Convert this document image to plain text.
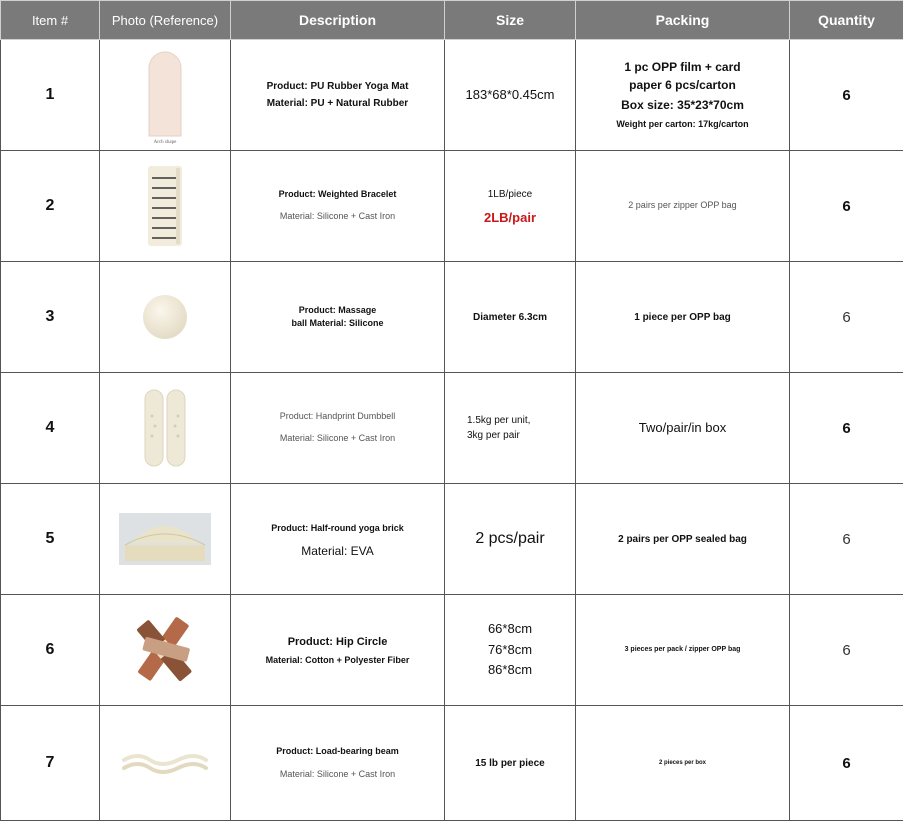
Item #	Photo (Reference)	Description	Size	Packing	Quantity
1	Arch shape	Product: PU Rubber Yoga Mat
Material: PU + Natural Rubber	183*68*0.45cm	1 pc OPP film + card
paper 6 pcs/carton
Box size: 35*23*70cm
Weight per carton: 17kg/carton	6
2		Product: Weighted Bracelet
Material: Silicone + Cast Iron	1LB/piece
2LB/pair	2 pairs per zipper OPP bag	6
3		Product: Massage
ball Material: Silicone	Diameter 6.3cm	1 piece per OPP bag	6
4		Product: Handprint Dumbbell
Material: Silicone + Cast Iron	1.5kg per unit,
3kg per pair	Two/pair/in box	6
5		Product: Half-round yoga brick
Material: EVA	2 pcs/pair	2 pairs per OPP sealed bag	6
6		Product: Hip Circle
Material: Cotton + Polyester Fiber	66*8cm
76*8cm
86*8cm	3 pieces per pack / zipper OPP bag	6
7		Product: Load-bearing beam
Material: Silicone + Cast Iron	15 lb per piece	2 pieces per box	6
